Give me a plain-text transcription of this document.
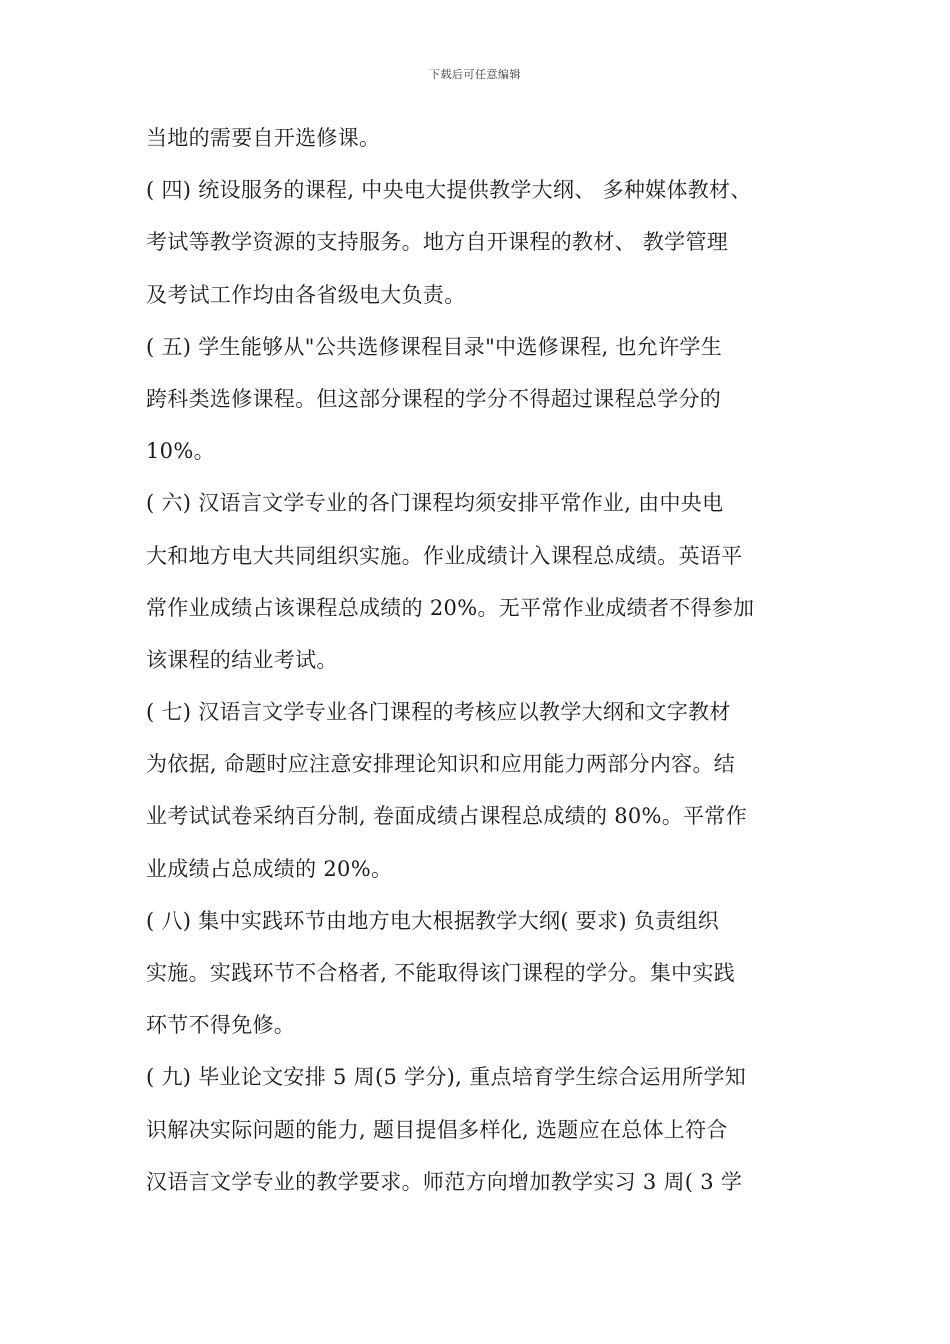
下载后可任意编辑
当地的需要自开选修课。
( 四) 统设服务的课程, 中央电大提供教学大纲、 多种媒体教材、
考试等教学资源的支持服务。地方自开课程的教材、 教学管理
及考试工作均由各省级电大负责。
( 五) 学生能够从"公共选修课程目录"中选修课程, 也允许学生
跨科类选修课程。但这部分课程的学分不得超过课程总学分的
10%。
( 六) 汉语言文学专业的各门课程均须安排平常作业, 由中央电
大和地方电大共同组织实施。作业成绩计入课程总成绩。英语平
常作业成绩占该课程总成绩的 20%。无平常作业成绩者不得参加
该课程的结业考试。
( 七) 汉语言文学专业各门课程的考核应以教学大纲和文字教材
为依据, 命题时应注意安排理论知识和应用能力两部分内容。结
业考试试卷采纳百分制, 卷面成绩占课程总成绩的 80%。平常作
业成绩占总成绩的 20%。
( 八) 集中实践环节由地方电大根据教学大纲( 要求) 负责组织
实施。实践环节不合格者, 不能取得该门课程的学分。集中实践
环节不得免修。
( 九) 毕业论文安排 5 周(5 学分), 重点培育学生综合运用所学知
识解决实际问题的能力, 题目提倡多样化, 选题应在总体上符合
汉语言文学专业的教学要求。师范方向增加教学实习 3 周( 3 学
